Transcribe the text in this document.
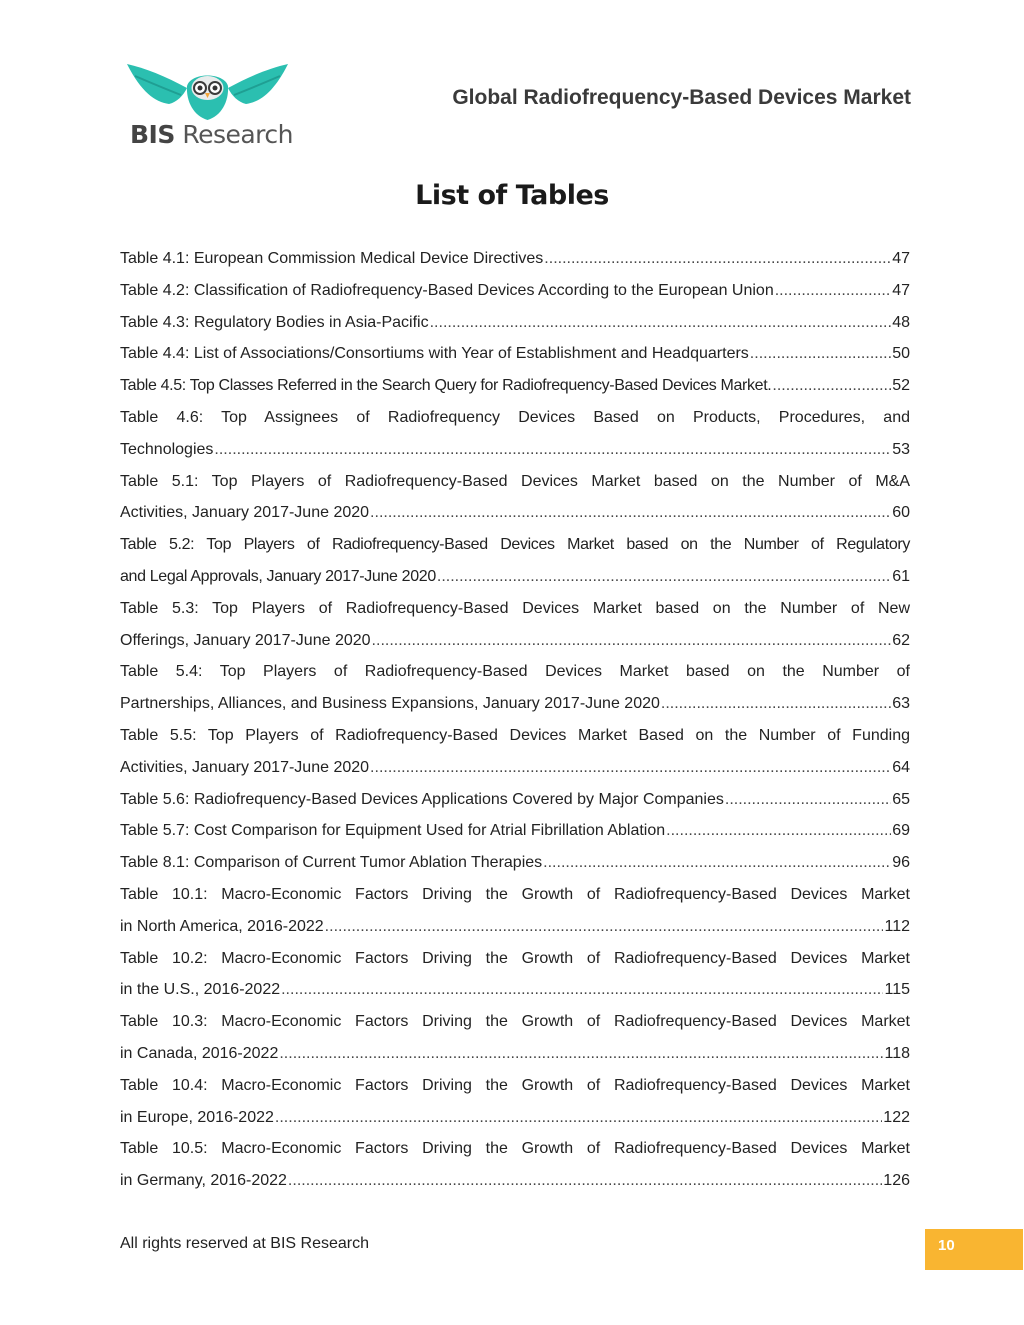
BIS Research
Global Radiofrequency-Based Devices Market
List of Tables
Table 4.1: European Commission Medical Device Directives .....	47
Table 4.2: Classification of Radiofrequency-Based Devices According to the European Union .....	47
Table 4.3: Regulatory Bodies in Asia-Pacific .....	48
Table 4.4: List of Associations/Consortiums with Year of Establishment and Headquarters .....	50
Table 4.5: Top Classes Referred in the Search Query for Radiofrequency-Based Devices Market. .....	52
Table 4.6: Top Assignees of Radiofrequency Devices Based on Products, Procedures, and
Technologies .....	53
Table 5.1: Top Players of Radiofrequency-Based Devices Market based on the Number of M&A
Activities, January 2017-June 2020 .....	60
Table 5.2: Top Players of Radiofrequency-Based Devices Market based on the Number of Regulatory
and Legal Approvals, January 2017-June 2020 .....	61
Table 5.3: Top Players of Radiofrequency-Based Devices Market based on the Number of New
Offerings, January 2017-June 2020 .....	62
Table 5.4: Top Players of Radiofrequency-Based Devices Market based on the Number of
Partnerships, Alliances, and Business Expansions, January 2017-June 2020 .....	63
Table 5.5: Top Players of Radiofrequency-Based Devices Market Based on the Number of Funding
Activities, January 2017-June 2020 .....	64
Table 5.6: Radiofrequency-Based Devices Applications Covered by Major Companies .....	65
Table 5.7: Cost Comparison for Equipment Used for Atrial Fibrillation Ablation .....	69
Table 8.1: Comparison of Current Tumor Ablation Therapies .....	96
Table 10.1: Macro-Economic Factors Driving the Growth of Radiofrequency-Based Devices Market
in North America, 2016-2022 .....	112
Table 10.2: Macro-Economic Factors Driving the Growth of Radiofrequency-Based Devices Market
in the U.S., 2016-2022 .....	115
Table 10.3: Macro-Economic Factors Driving the Growth of Radiofrequency-Based Devices Market
in Canada, 2016-2022 .....	118
Table 10.4: Macro-Economic Factors Driving the Growth of Radiofrequency-Based Devices Market
in Europe, 2016-2022 .....	122
Table 10.5: Macro-Economic Factors Driving the Growth of Radiofrequency-Based Devices Market
in Germany, 2016-2022 .....	126
All rights reserved at BIS Research	10
